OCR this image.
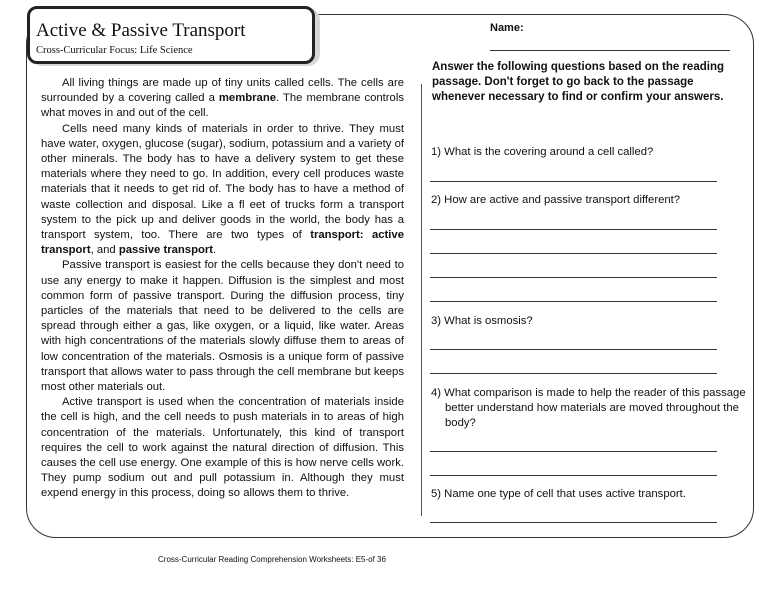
Active & Passive Transport

Cross-Curricular Focus: Life Science

Name:

All living things are made up of tiny units called cells. The cells are surrounded by a covering called a membrane. The membrane controls what moves in and out of the cell.

Cells need many kinds of materials in order to thrive. They must have water, oxygen, glucose (sugar), sodium, potassium and a variety of other minerals. The body has to have a delivery system to get these materials where they need to go. In addition, every cell produces waste materials that it needs to get rid of. The body has to have a method of waste collection and disposal. Like a fl eet of trucks form a transport system to the pick up and deliver goods in the world, the body has a transport system, too. There are two types of transport: active transport, and passive transport.

Passive transport is easiest for the cells because they don't need to use any energy to make it happen. Diffusion is the simplest and most common form of passive transport. During the diffusion process, tiny particles of the materials that need to be delivered to the cells are spread through either a gas, like oxygen, or a liquid, like water. Areas with high concentrations of the materials slowly diffuse them to areas of low concentration of the materials. Osmosis is a unique form of passive transport that allows water to pass through the cell membrane but keeps most other materials out.

Active transport is used when the concentration of materials inside the cell is high, and the cell needs to push materials in to areas of high concentration of the materials. Unfortunately, this kind of transport requires the cell to work against the natural direction of diffusion. This causes the cell use energy. One example of this is how nerve cells work. They pump sodium out and pull potassium in. Although they must expend energy in this process, doing so allows them to thrive.

Answer the following questions based on the reading passage. Don't forget to go back to the passage whenever necessary to find or confirm your answers.

1) What is the covering around a cell called?

2) How are active and passive transport different?

3) What is osmosis?

4) What comparison is made to help the reader of this passage better understand how materials are moved throughout the body?

5) Name one type of cell that uses active transport.

Cross-Curricular Reading Comprehension Worksheets: E5-of 36
